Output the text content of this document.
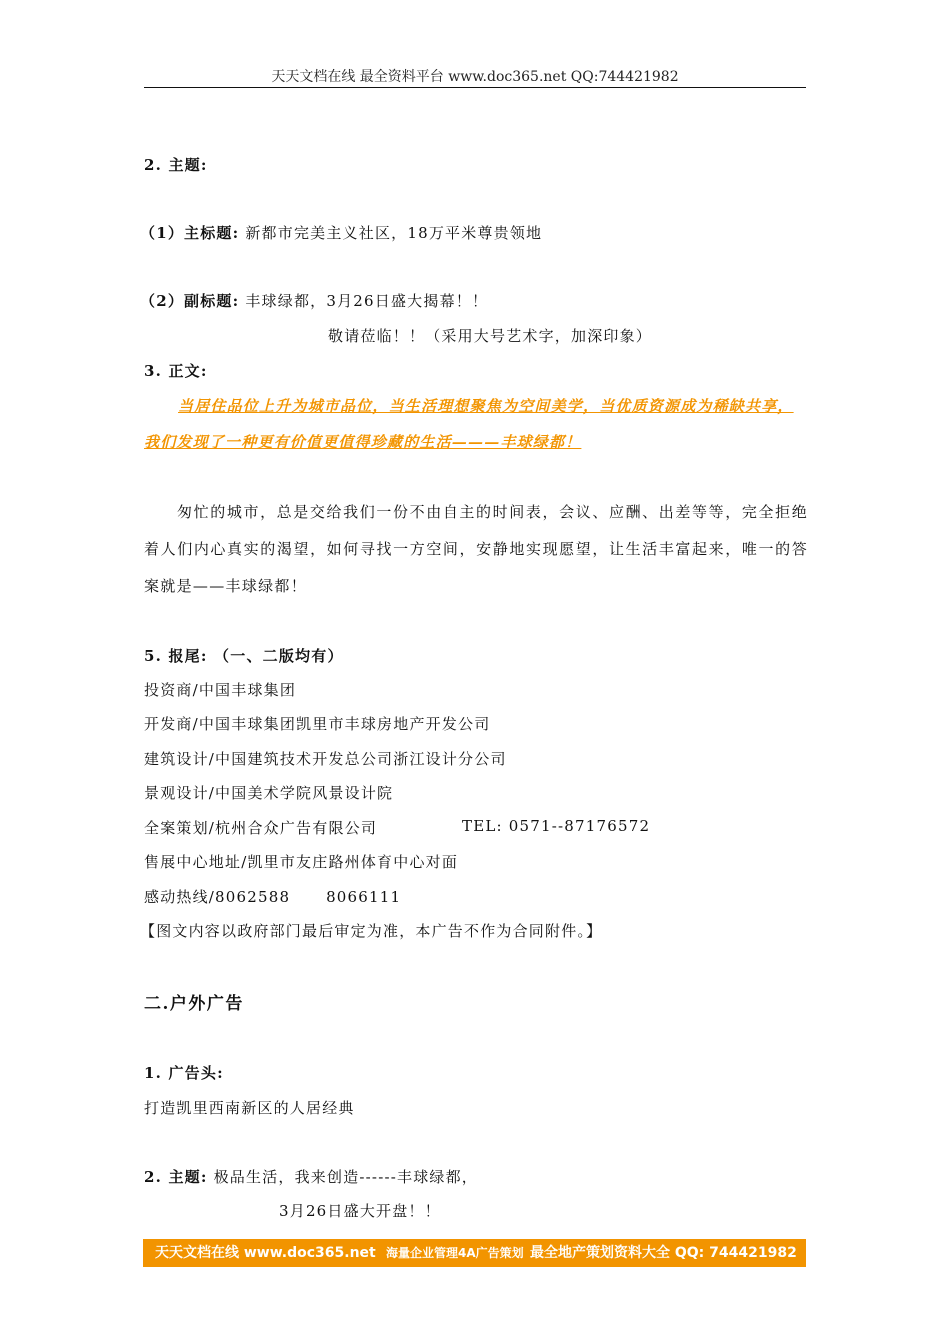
天天文档在线 最全资料平台 www.doc365.net QQ:744421982
2. 主题:
（1）主标题: 新都市完美主义社区，18万平米尊贵领地
（2）副标题: 丰球绿都，3月26日盛大揭幕！！
敬请莅临！！（采用大号艺术字，加深印象）
3. 正文:
当居住品位上升为城市品位，当生活理想聚焦为空间美学，当优质资源成为稀缺共享，
我们发现了一种更有价值更值得珍藏的生活———丰球绿都！
匆忙的城市，总是交给我们一份不由自主的时间表，会议、应酬、出差等等，完全拒绝着人们内心真实的渴望，如何寻找一方空间，安静地实现愿望，让生活丰富起来，唯一的答案就是——丰球绿都！
5. 报尾: （一、二版均有）
投资商/中国丰球集团
开发商/中国丰球集团凯里市丰球房地产开发公司
建筑设计/中国建筑技术开发总公司浙江设计分公司
景观设计/中国美术学院风景设计院
全案策划/杭州合众广告有限公司	TEL: 0571--87176572
售展中心地址/凯里市友庄路州体育中心对面
感动热线/8062588      8066111
【图文内容以政府部门最后审定为准，本广告不作为合同附件。】
二.户外广告
1. 广告头:
打造凯里西南新区的人居经典
2. 主题: 极品生活，我来创造------丰球绿都，
3月26日盛大开盘！！
天天文档在线 www.doc365.net 海量企业管理4A广告策划 最全地产策划资料大全 QQ: 744421982
